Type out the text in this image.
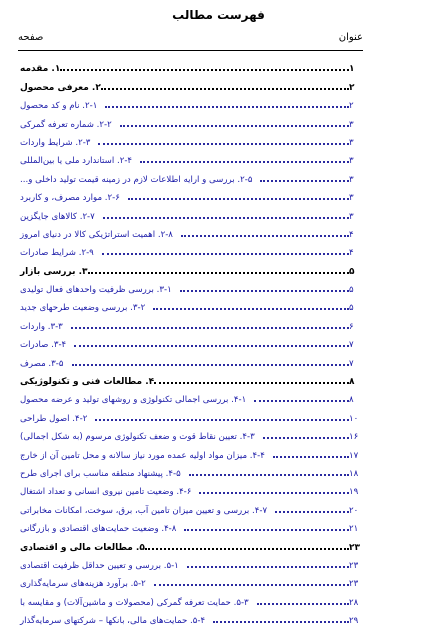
فهرست مطالب
عنوان
صفحه
۱. مقدمه	۱
۲. معرفی محصول	۲
۲-۱. نام و کد محصول	۲
۲-۲. شماره تعرفه گمرکی	۳
۲-۳. شرایط واردات	۳
۲-۴. استاندارد ملی یا بین‌المللی	۳
۲-۵. بررسی و ارایه اطلاعات لازم در زمینه قیمت تولید داخلی و...	۳
۲-۶. موارد مصرف، و کاربرد	۳
۲-۷. کالاهای جایگزین	۳
۲-۸. اهمیت استراتژیکی کالا در دنیای امروز	۴
۲-۹. شرایط صادرات	۴
۳. بررسی بازار	۵
۳-۱. بررسی ظرفیت واحدهای فعال تولیدی	۵
۳-۲. بررسی وضعیت طرحهای جدید	۵
۳-۳. واردات	۶
۳-۴. صادرات	۷
۳-۵. مصرف	۷
۴. مطالعات فنی و تکنولوژیکی	۸
۴-۱. بررسی اجمالی تکنولوژی و روشهای تولید و عرضه محصول	۸
۴-۲. اصول طراحی	۱۰
۴-۳. تعیین نقاط قوت و ضعف تکنولوژی مرسوم (به شکل اجمالی)	۱۶
۴-۴. میزان مواد اولیه عمده مورد نیاز سالانه و محل تامین آن از خارج	۱۷
۴-۵. پیشنهاد منطقه مناسب برای اجرای طرح	۱۸
۴-۶. وضعیت تامین نیروی انسانی و تعداد اشتغال	۱۹
۴-۷. بررسی و تعیین میزان تامین آب، برق، سوخت، امکانات مخابراتی	۲۰
۴-۸. وضعیت حمایت‌های اقتصادی و بازرگانی	۲۱
۵. مطالعات مالی و اقتصادی	۲۳
۵-۱. بررسی و تعیین حداقل ظرفیت اقتصادی	۲۳
۵-۲. برآورد هزینه‌های سرمایه‌گذاری	۲۳
۵-۳. حمایت تعرفه گمرکی (محصولات و ماشین‌آلات) و مقایسه با	۲۸
۵-۴. حمایت‌های مالی، بانکها – شرکتهای سرمایه‌گذار	۲۹
